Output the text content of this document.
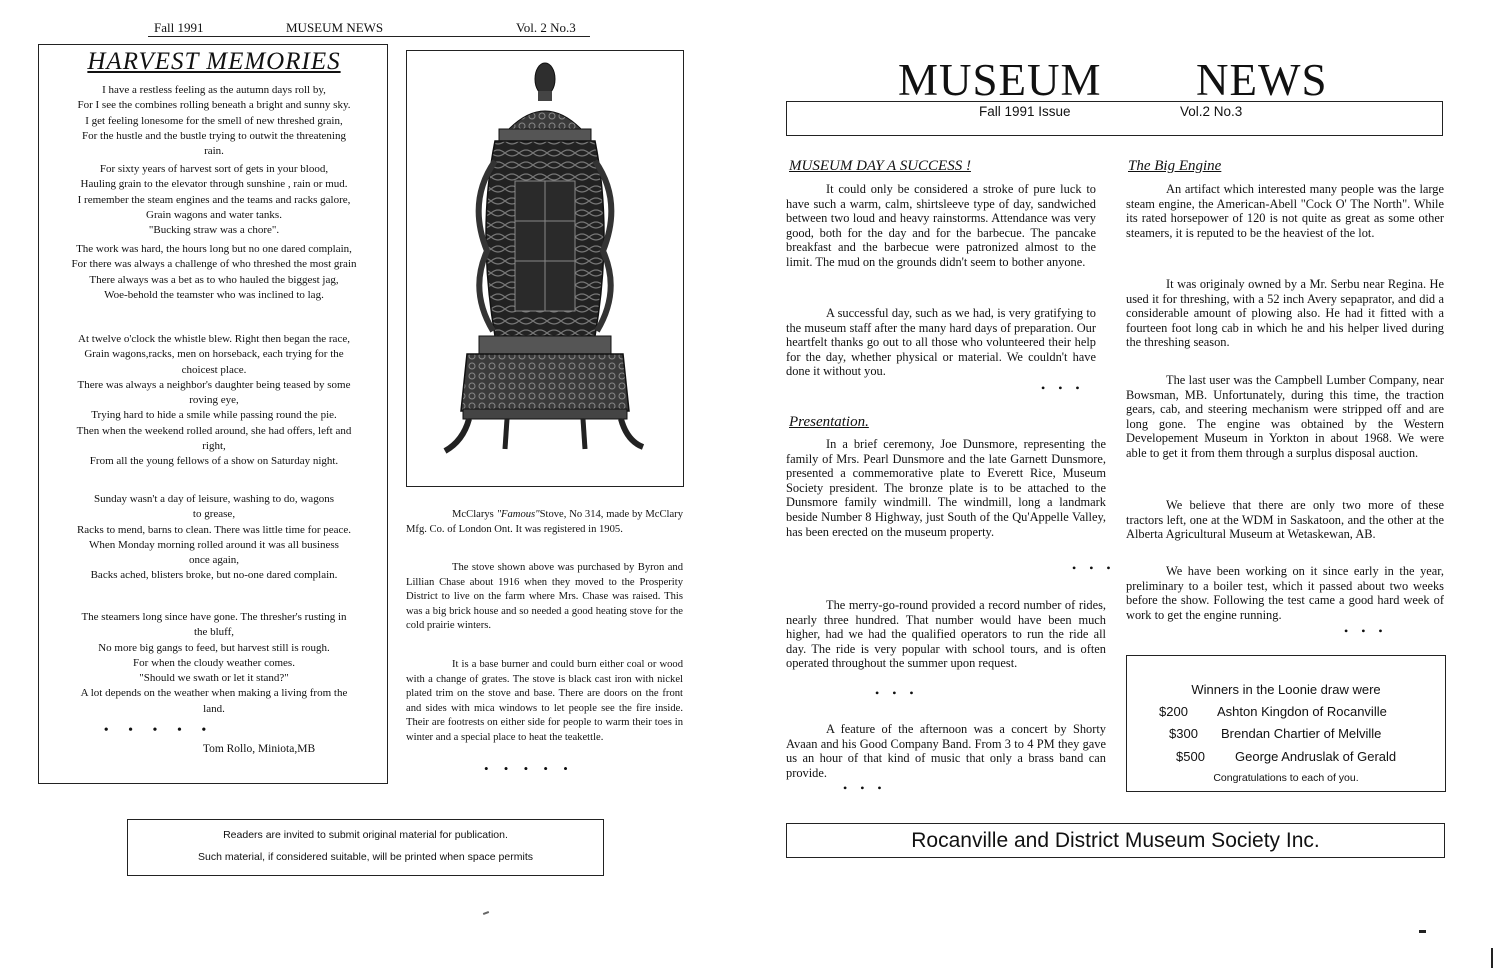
Fall 1991	MUSEUM NEWS	Vol. 2 No.3
HARVEST MEMORIES
I have a restless feeling as the autumn days roll by,
For I see the combines rolling beneath a bright and sunny sky.
I get feeling lonesome for the smell of new threshed grain,
For the hustle and the bustle trying to outwit the threatening
rain.
For sixty years of harvest sort of gets in your blood,
Hauling grain to the elevator through sunshine , rain or mud.
I remember the steam engines and the teams and racks galore,
Grain wagons and water tanks.
"Bucking straw was a chore".
The work was hard, the hours long but no one dared complain,
For there was always a challenge of who threshed the most grain
There always was a bet as to who hauled the biggest jag,
Woe-behold the teamster who was inclined to lag.
At twelve o'clock the whistle blew. Right then began the race,
Grain wagons,racks, men on horseback, each trying for the
choicest place.
There was always a neighbor's daughter being teased by some
roving eye,
Trying hard to hide a smile while passing round the pie.
Then when the weekend rolled around, she had offers, left and
right,
From all the young fellows of a show on Saturday night.
Sunday wasn't a day of leisure, washing to do, wagons
to grease,
Racks to mend, barns to clean. There was little time for peace.
When Monday morning rolled around it was all business
once again,
Backs ached, blisters broke, but no-one dared complain.
The steamers long since have gone. The thresher's rusting in
the bluff,
No more big gangs to feed, but harvest still is rough.
For when the cloudy weather comes.
"Should we swath or let it stand?"
A lot depends on the weather when making a living from the
land.
• • • • •
Tom Rollo, Miniota,MB
McClarys "Famous"Stove, No 314, made by McClary Mfg. Co. of London Ont. It was registered in 1905.
The stove shown above was purchased by Byron and Lillian Chase about 1916 when they moved to the Prosperity District to live on the farm where Mrs. Chase was raised. This was a big brick house and so needed a good heating stove for the cold prairie winters.
It is a base burner and could burn either coal or wood with a change of grates. The stove is black cast iron with nickel plated trim on the stove and base. There are doors on the front and sides with mica windows to let people see the fire inside. Their are footrests on either side for people to warm their toes in winter and a special place to heat the teakettle.
• • • • •
Readers are invited to submit original material for publication.
Such material, if considered suitable, will be printed when space permits
MUSEUM NEWS
Fall 1991 Issue	Vol.2 No.3
MUSEUM DAY A SUCCESS !
It could only be considered a stroke of pure luck to have such a warm, calm, shirtsleeve type of day, sandwiched between two loud and heavy rainstorms. Attendance was very good, both for the day and for the barbecue. The pancake breakfast and the barbecue were patronized almost to the limit. The mud on the grounds didn't seem to bother anyone.
A successful day, such as we had, is very gratifying to the museum staff after the many hard days of preparation. Our heartfelt thanks go out to all those who volunteered their help for the day, whether physical or material. We couldn't have done it without you.
• • •
Presentation.
In a brief ceremony, Joe Dunsmore, representing the family of Mrs. Pearl Dunsmore and the late Garnett Dunsmore, presented a commemorative plate to Everett Rice, Museum Society president. The bronze plate is to be attached to the Dunsmore family windmill. The windmill, long a landmark beside Number 8 Highway, just South of the Qu'Appelle Valley, has been erected on the museum property.
• • •
The merry-go-round provided a record number of rides, nearly three hundred. That number would have been much higher, had we had the qualified operators to run the ride all day. The ride is very popular with school tours, and is often operated throughout the summer upon request.
• • •
A feature of the afternoon was a concert by Shorty Avaan and his Good Company Band. From 3 to 4 PM they gave us an hour of that kind of music that only a brass band can provide.
• • •
The Big Engine
An artifact which interested many people was the large steam engine, the American-Abell "Cock O' The North". While its rated horsepower of 120 is not quite as great as some other steamers, it is reputed to be the heaviest of the lot.
It was originaly owned by a Mr. Serbu near Regina. He used it for threshing, with a 52 inch Avery sepaprator, and did a considerable amount of plowing also. He had it fitted with a fourteen foot long cab in which he and his helper lived during the threshing season.
The last user was the Campbell Lumber Company, near Bowsman, MB. Unfortunately, during this time, the traction gears, cab, and steering mechanism were stripped off and are long gone. The engine was obtained by the Western Developement Museum in Yorkton in about 1968. We were able to get it from them through a surplus disposal auction.
We believe that there are only two more of these tractors left, one at the WDM in Saskatoon, and the other at the Alberta Agricultural Museum at Wetaskewan, AB.
We have been working on it since early in the year, preliminary to a boiler test, which it passed about two weeks before the show. Following the test came a good hard week of work to get the engine running.
• • •
Winners in the Loonie draw were
$200 Ashton Kingdon of Rocanville
$300 Brendan Chartier of Melville
$500 George Andruslak of Gerald
Congratulations to each of you.
Rocanville and District Museum Society Inc.
